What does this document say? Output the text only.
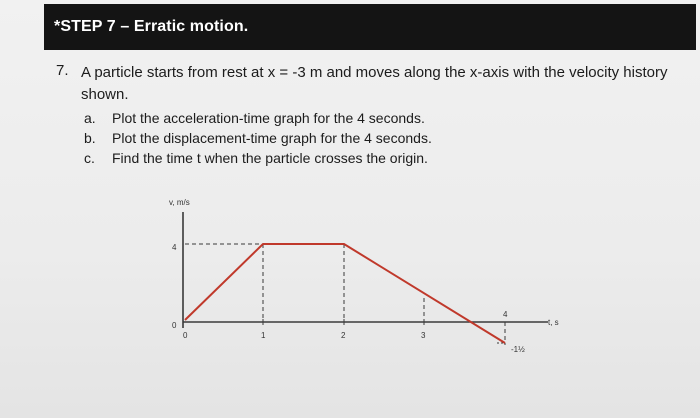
*STEP 7 – Erratic motion.
7. A particle starts from rest at x = -3 m and moves along the x-axis with the velocity history shown.
a. Plot the acceleration-time graph for the 4 seconds.
b. Plot the displacement-time graph for the 4 seconds.
c. Find the time t when the particle crosses the origin.
v, m/s
4
0
0	1	2	3
4
t, s
-1½
